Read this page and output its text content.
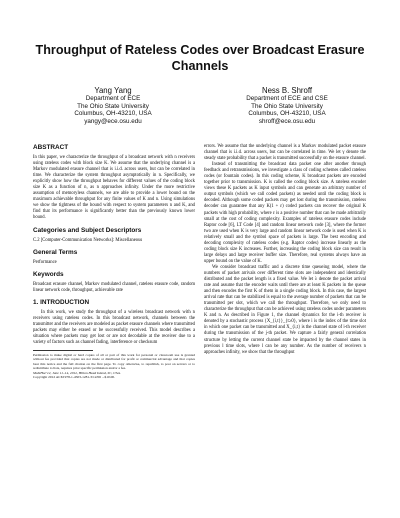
Throughput of Rateless Codes over Broadcast Erasure Channels
Yang Yang
Department of ECE
The Ohio State University
Columbus, OH-43210, USA
yangy@ece.osu.edu
Ness B. Shroff
Department of ECE and CSE
The Ohio State University
Columbus, OH-43210, USA
shroff@ece.osu.edu
ABSTRACT

In this paper, we characterize the throughput of a broadcast network with n receivers using rateless codes with block size K. We assume that the underlying channel is a Markov modulated erasure channel that is i.i.d. across users, but can be correlated in time. We characterize the system throughput asymptotically in n. Specifically, we explicitly show how the throughput behaves for different values of the coding block size K as a function of n, as n approaches infinity. Under the more restrictive assumption of memoryless channels, we are able to provide a lower bound on the maximum achievable throughput for any finite values of K and n. Using simulations we show the tightness of the bound with respect to system parameters n and K, and find that its performance is significantly better than the previously known lower bound.

Categories and Subject Descriptors

C.2 [Computer-Communication Networks]: Miscellaneous

General Terms

Performance

Keywords

Broadcast erasure channel, Markov modulated channel, rateless erasure code, random linear network code, throughput, achievable rate

1. INTRODUCTION

In this work, we study the throughput of a wireless broadcast network with n receivers using rateless codes. In this broadcast network, channels between the transmitter and the receivers are modeled as packet erasure channels where transmitted packets may either be erased or be successfully received. This model describes a situation where packets may get lost or are not decodable at the receiver due to a variety of factors such as channel fading, interference or checksum

Permission to make digital or hard copies of all or part of this work for personal or classroom use is granted without fee provided that copies are not made or distributed for profit or commercial advantage and that copies bear this notice and the full citation on the first page. To copy otherwise, to republish, to post on servers or to redistribute to lists, requires prior specific permission and/or a fee.
MobiHoc'12, June 11–14, 2012, Hilton Head Island, SC, USA.
Copyright 2012 ACM 978-1-4503-1281-3/12/06 ...$10.00.

errors. We assume that the underlying channel is a Markov modulated packet erasure channel that is i.i.d. across users, but can be correlated in time. We let γ denote the steady state probability that a packet is transmitted successfully on the erasure channel.

Instead of transmitting the broadcast data packet one after another through feedback and retransmissions, we investigate a class of coding schemes called rateless codes (or fountain codes). In this coding scheme, K broadcast packets are encoded together prior to transmission. K is called the coding block size. A rateless encoder views these K packets as K input symbols and can generate an arbitrary number of output symbols (which we call coded packets) as needed until the coding block is decoded. Although some coded packets may get lost during the transmission, rateless decoder can guarantee that any K(1 + ε) coded packets can recover the original K packets with high probability, where ε is a positive number that can be made arbitrarily small at the cost of coding complexity. Examples of rateless erasure codes include Raptor code [6], LT Code [4] and random linear network code [3], where the former two are used when K is very large and random linear network code is used when K is relatively small and the symbol space of packets is large. The best encoding and decoding complexity of rateless codes (e.g. Raptor codes) increase linearly as the coding block size K increases. Further, increasing the coding block size can result in large delays and large receiver buffer size. Therefore, real systems always have an upper bound on the value of K.

We consider broadcast traffic and a discrete time queueing model, where the numbers of packet arrivals over different time slots are independent and identically distributed and the packet length is a fixed value. We let λ denote the packet arrival rate and assume that the encoder waits until there are at least K packets in the queue and then encodes the first K of them in a single coding block. In this case, the largest arrival rate that can be stabilized is equal to the average number of packets that can be transmitted per slot, which we call the throughput. Therefore, we only need to characterize the throughput that can be achieved using rateless codes under parameters K and n. As described in Figure 1, the channel dynamics for the i-th receiver is denoted by a stochastic process {X_{i,t}}_{t≥0}, where i is the index of the time slot in which one packet can be transmitted and X_{i,t} is the channel state of i-th receiver during the transmission of the j-th packet. We capture a fairly general correlation structure by letting the current channel state be impacted by the channel states in previous l time slots, where l can be any number. As the number of receivers n approaches infinity, we show that the throughput
